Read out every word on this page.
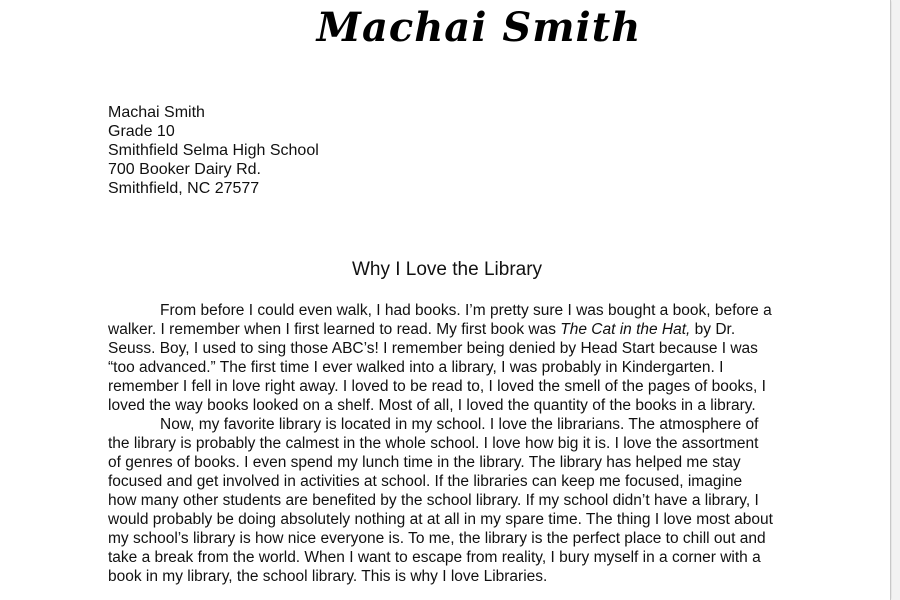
Machai Smith
Machai Smith
Grade 10
Smithfield Selma High School
700 Booker Dairy Rd.
Smithfield, NC 27577
Why I Love the Library
From before I could even walk, I had books. I’m pretty sure I was bought a book, before a
walker. I remember when I first learned to read. My first book was The Cat in the Hat, by Dr.
Seuss. Boy, I used to sing those ABC’s! I remember being denied by Head Start because I was
“too advanced.” The first time I ever walked into a library, I was probably in Kindergarten. I
remember I fell in love right away. I loved to be read to, I loved the smell of the pages of books, I
loved the way books looked on a shelf. Most of all, I loved the quantity of the books in a library.
Now, my favorite library is located in my school. I love the librarians. The atmosphere of
the library is probably the calmest in the whole school. I love how big it is. I love the assortment
of genres of books. I even spend my lunch time in the library. The library has helped me stay
focused and get involved in activities at school. If the libraries can keep me focused, imagine
how many other students are benefited by the school library. If my school didn’t have a library, I
would probably be doing absolutely nothing at at all in my spare time. The thing I love most about
my school’s library is how nice everyone is. To me, the library is the perfect place to chill out and
take a break from the world. When I want to escape from reality, I bury myself in a corner with a
book in my library, the school library. This is why I love Libraries.
